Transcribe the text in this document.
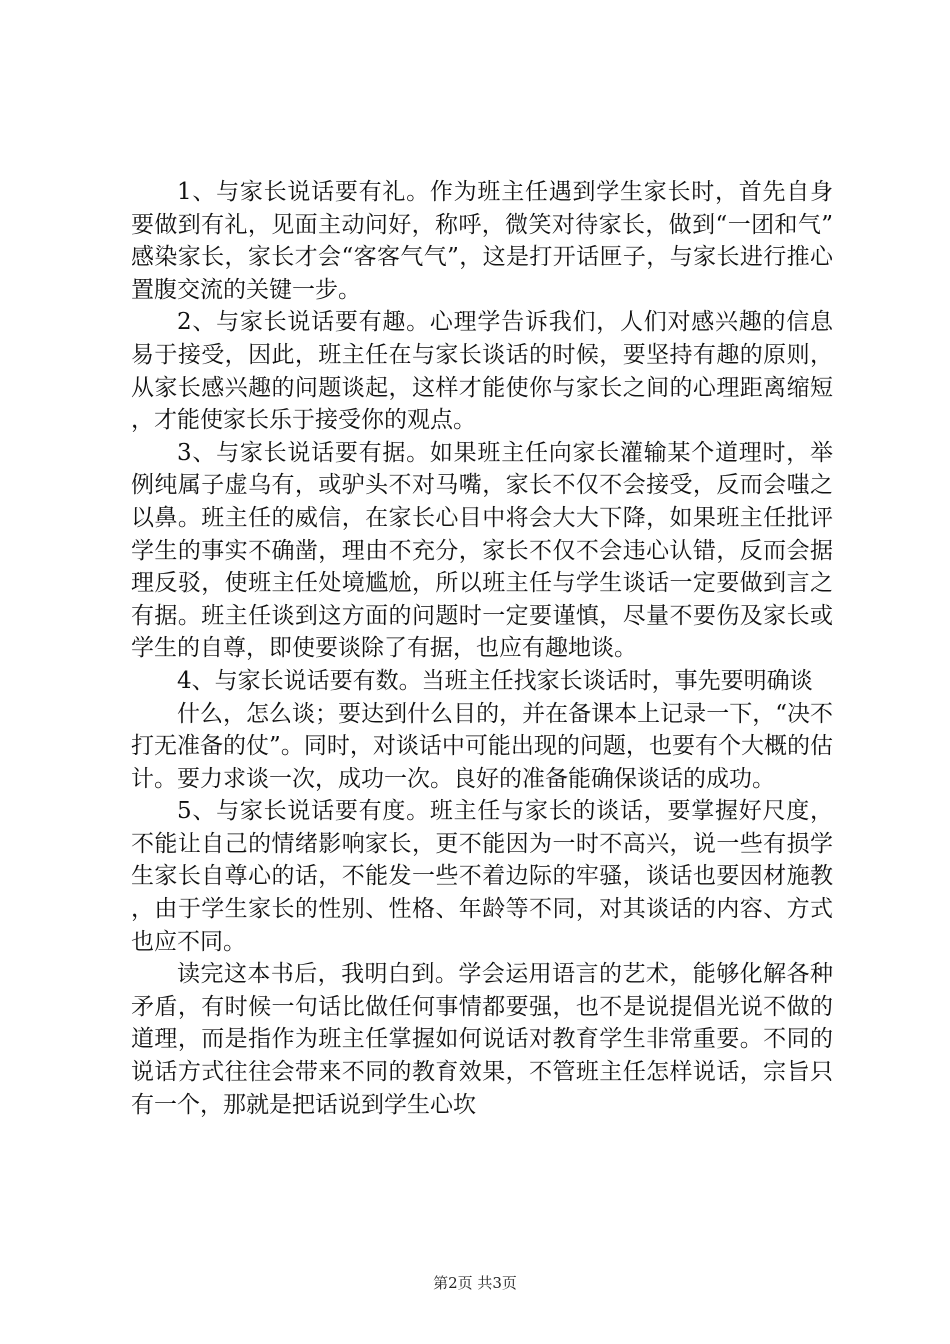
1、与家长说话要有礼。作为班主任遇到学生家长时，首先自身要做到有礼，见面主动问好，称呼，微笑对待家长，做到“一团和气”感染家长，家长才会“客客气气”，这是打开话匣子，与家长进行推心置腹交流的关键一步。

2、与家长说话要有趣。心理学告诉我们，人们对感兴趣的信息易于接受，因此，班主任在与家长谈话的时候，要坚持有趣的原则，从家长感兴趣的问题谈起，这样才能使你与家长之间的心理距离缩短，才能使家长乐于接受你的观点。

3、与家长说话要有据。如果班主任向家长灌输某个道理时，举例纯属子虚乌有，或驴头不对马嘴，家长不仅不会接受，反而会嗤之以鼻。班主任的威信，在家长心目中将会大大下降，如果班主任批评学生的事实不确凿，理由不充分，家长不仅不会违心认错，反而会据理反驳，使班主任处境尴尬，所以班主任与学生谈话一定要做到言之有据。班主任谈到这方面的问题时一定要谨慎，尽量不要伤及家长或学生的自尊，即使要谈除了有据，也应有趣地谈。

4、与家长说话要有数。当班主任找家长谈话时，事先要明确谈

什么，怎么谈；要达到什么目的，并在备课本上记录一下，“决不打无准备的仗”。同时，对谈话中可能出现的问题，也要有个大概的估计。要力求谈一次，成功一次。良好的准备能确保谈话的成功。

5、与家长说话要有度。班主任与家长的谈话，要掌握好尺度，不能让自己的情绪影响家长，更不能因为一时不高兴，说一些有损学生家长自尊心的话，不能发一些不着边际的牢骚，谈话也要因材施教，由于学生家长的性别、性格、年龄等不同，对其谈话的内容、方式也应不同。

读完这本书后，我明白到。学会运用语言的艺术，能够化解各种矛盾，有时候一句话比做任何事情都要强，也不是说提倡光说不做的道理，而是指作为班主任掌握如何说话对教育学生非常重要。不同的说话方式往往会带来不同的教育效果，不管班主任怎样说话，宗旨只有一个，那就是把话说到学生心坎

第2页 共3页
